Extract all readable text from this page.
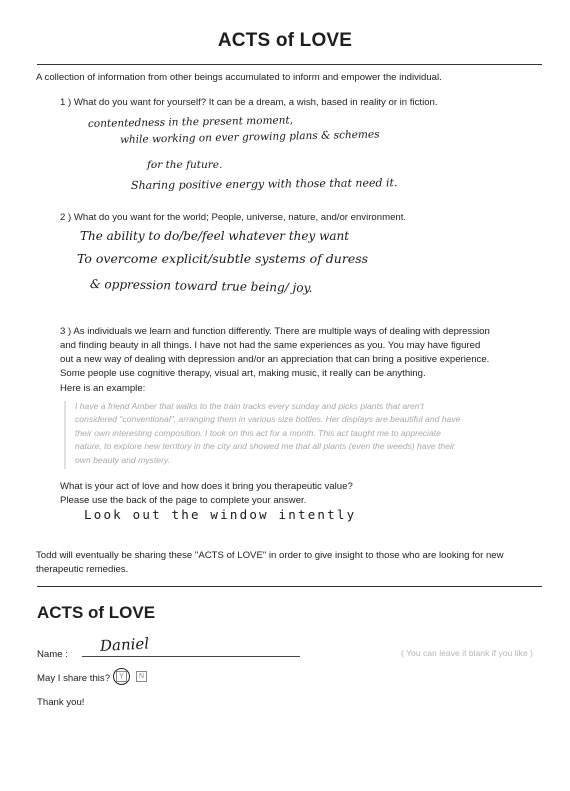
ACTS of LOVE
A collection of information from other beings accumulated to inform and empower the individual.
1 ) What do you want for yourself? It can be a dream, a wish, based in reality or in fiction.
contentedness in the present moment,
while working on ever growing plans & schemes
for the future.
Sharing positive energy with those that need it.
2 ) What do you want for the world; People, universe, nature, and/or environment.
The ability to do/be/feel whatever they want
To overcome explicit/subtle systems of duress
& oppression toward true being/ joy.
3 ) As individuals we learn and function differently. There are multiple ways of dealing with depression
and finding beauty in all things. I have not had the same experiences as you. You may have figured
out a new way of dealing with depression and/or an appreciation that can bring a positive experience.
Some people use cognitive therapy, visual art, making music, it really can be anything.
Here is an example:
I have a friend Amber that walks to the train tracks every sunday and picks plants that aren't
considered "conventional", arranging them in various size bottles. Her displays are beautiful and have
their own interesting composition. I took on this act for a month. This act taught me to appreciate
nature, to explore new territory in the city and showed me that all plants (even the weeds) have their
own beauty and mystery.
What is your act of love and how does it bring you therapeutic value?
Please use the back of the page to complete your answer.
Look out the window intently
Todd will eventually be sharing these "ACTS of LOVE" in order to give insight to those who are looking for new
therapeutic remedies.
ACTS of LOVE
Name : Daniel	( You can leave it blank if you like )
May I share this?	Y	N
Thank you!
